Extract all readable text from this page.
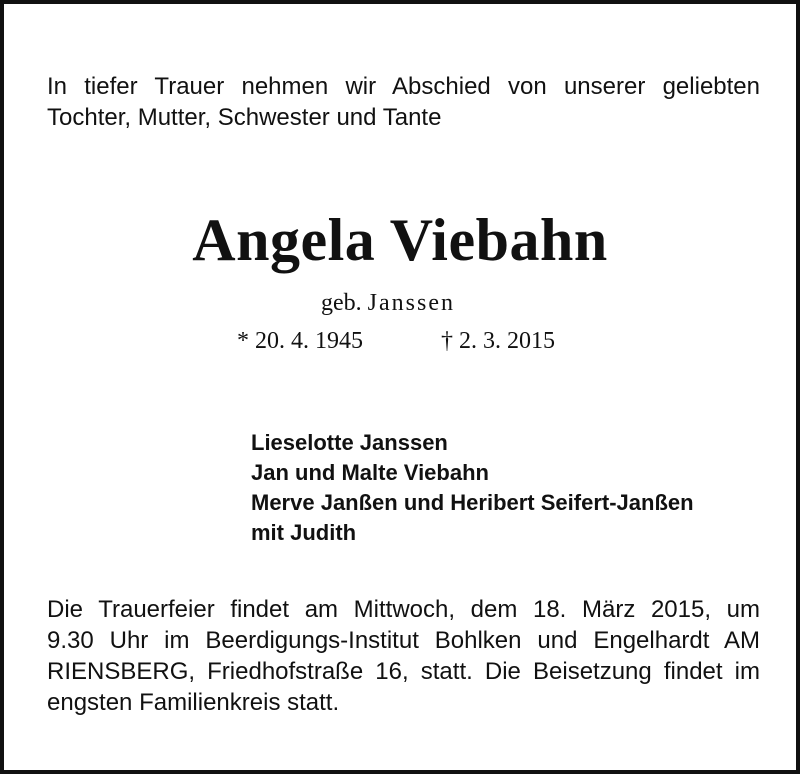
In tiefer Trauer nehmen wir Abschied von unserer geliebten
Tochter, Mutter, Schwester und Tante
Angela Viebahn
geb. Janssen
* 20. 4. 1945	† 2. 3. 2015
Lieselotte Janssen
Jan und Malte Viebahn
Merve Janßen und Heribert Seifert-Janßen
mit Judith
Die Trauerfeier findet am Mittwoch, dem 18. März 2015, um
9.30 Uhr im Beerdigungs-Institut Bohlken und Engelhardt AM
RIENSBERG, Friedhofstraße 16, statt. Die Beisetzung findet im
engsten Familienkreis statt.
